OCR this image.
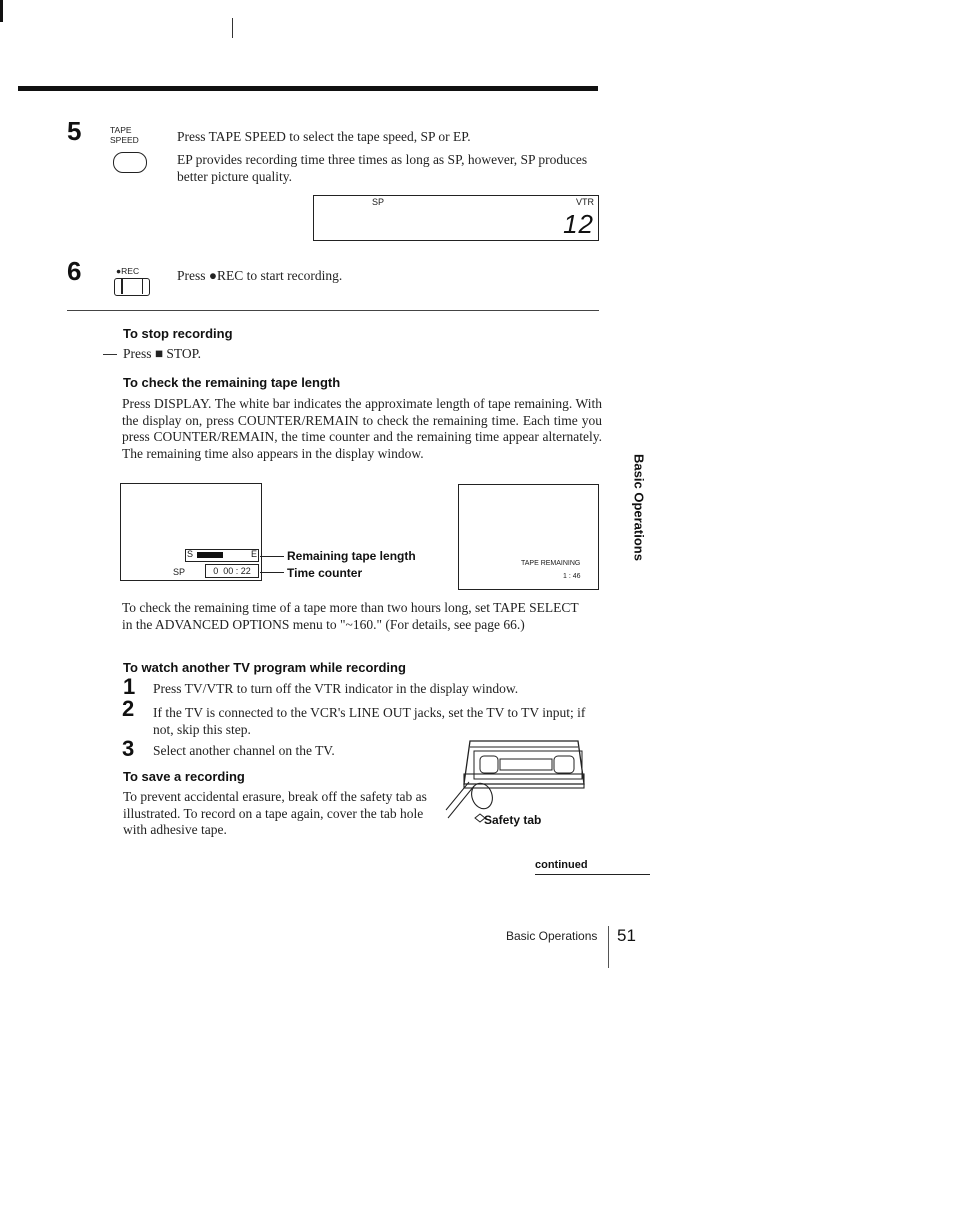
5	TAPE
SPEED	Press TAPE SPEED to select the tape speed, SP or EP.
EP provides recording time three times as long as SP, however, SP produces better picture quality.
SP	VTR
12
6	●REC	Press ●REC to start recording.
To stop recording
Press ■ STOP.
To check the remaining tape length
Press DISPLAY. The white bar indicates the approximate length of tape remaining. With the display on, press COUNTER/REMAIN to check the remaining time. Each time you press COUNTER/REMAIN, the time counter and the remaining time appear alternately. The remaining time also appears in the display window.
S	E
SP	0  00 : 22
Remaining tape length
Time counter
TAPE REMAINING
1 : 46
To check the remaining time of a tape more than two hours long, set TAPE SELECT in the ADVANCED OPTIONS menu to "~160." (For details, see page 66.)
Basic Operations
To watch another TV program while recording
1 Press TV/VTR to turn off the VTR indicator in the display window.
2 If the TV is connected to the VCR's LINE OUT jacks, set the TV to TV input; if not, skip this step.
3 Select another channel on the TV.
To save a recording
To prevent accidental erasure, break off the safety tab as illustrated. To record on a tape again, cover the tab hole with adhesive tape.
Safety tab
continued
Basic Operations 51
